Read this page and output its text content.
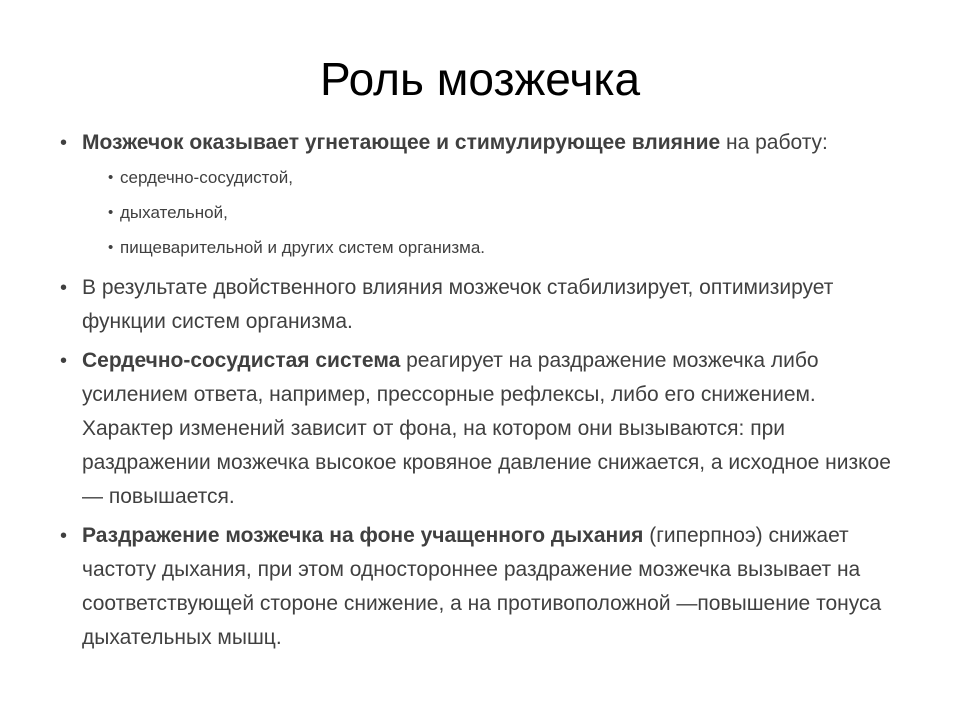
Роль мозжечка
• Мозжечок оказывает угнетающее и стимулирующее влияние на работу:
• сердечно-сосудистой,
• дыхательной,
• пищеварительной и других систем организма.
• В результате двойственного влияния мозжечок стабилизирует, оптимизирует функции систем организма.
• Сердечно-сосудистая система реагирует на раздражение мозжечка либо усилением ответа, например, прессорные рефлексы, либо его снижением. Характер изменений зависит от фона, на котором они вызываются: при раздражении мозжечка высокое кровяное давление снижается, а исходное низкое — повышается.
• Раздражение мозжечка на фоне учащенного дыхания (гиперпноэ) снижает частоту дыхания, при этом одностороннее раздражение мозжечка вызывает на соответствующей стороне снижение, а на противоположной —повышение тонуса дыхательных мышц.
